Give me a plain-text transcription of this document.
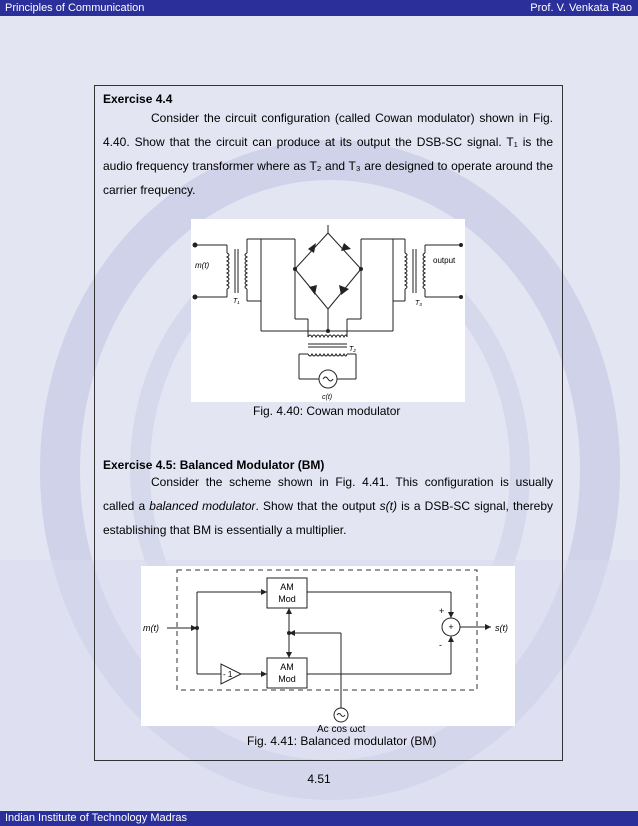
Principles of Communication	Prof. V. Venkata Rao
Exercise 4.4

Consider the circuit configuration (called Cowan modulator) shown in Fig. 4.40. Show that the circuit can produce at its output the DSB-SC signal. T₁ is the audio frequency transformer where as T₂ and T₃ are designed to operate around the carrier frequency.

m(t)
output
T₁	T₃
T₂
c(t)
Fig. 4.40: Cowan modulator
Exercise 4.5: Balanced Modulator (BM)

Consider the scheme shown in Fig. 4.41. This configuration is usually called a balanced modulator. Show that the output s(t) is a DSB-SC signal, thereby establishing that BM is essentially a multiplier.

AM
Mod
AM
Mod
- 1
m(t)	s(t)
+
-
+
Aᴄ cos ωᴄt
Fig. 4.41: Balanced modulator (BM)
4.51
Indian Institute of Technology Madras
